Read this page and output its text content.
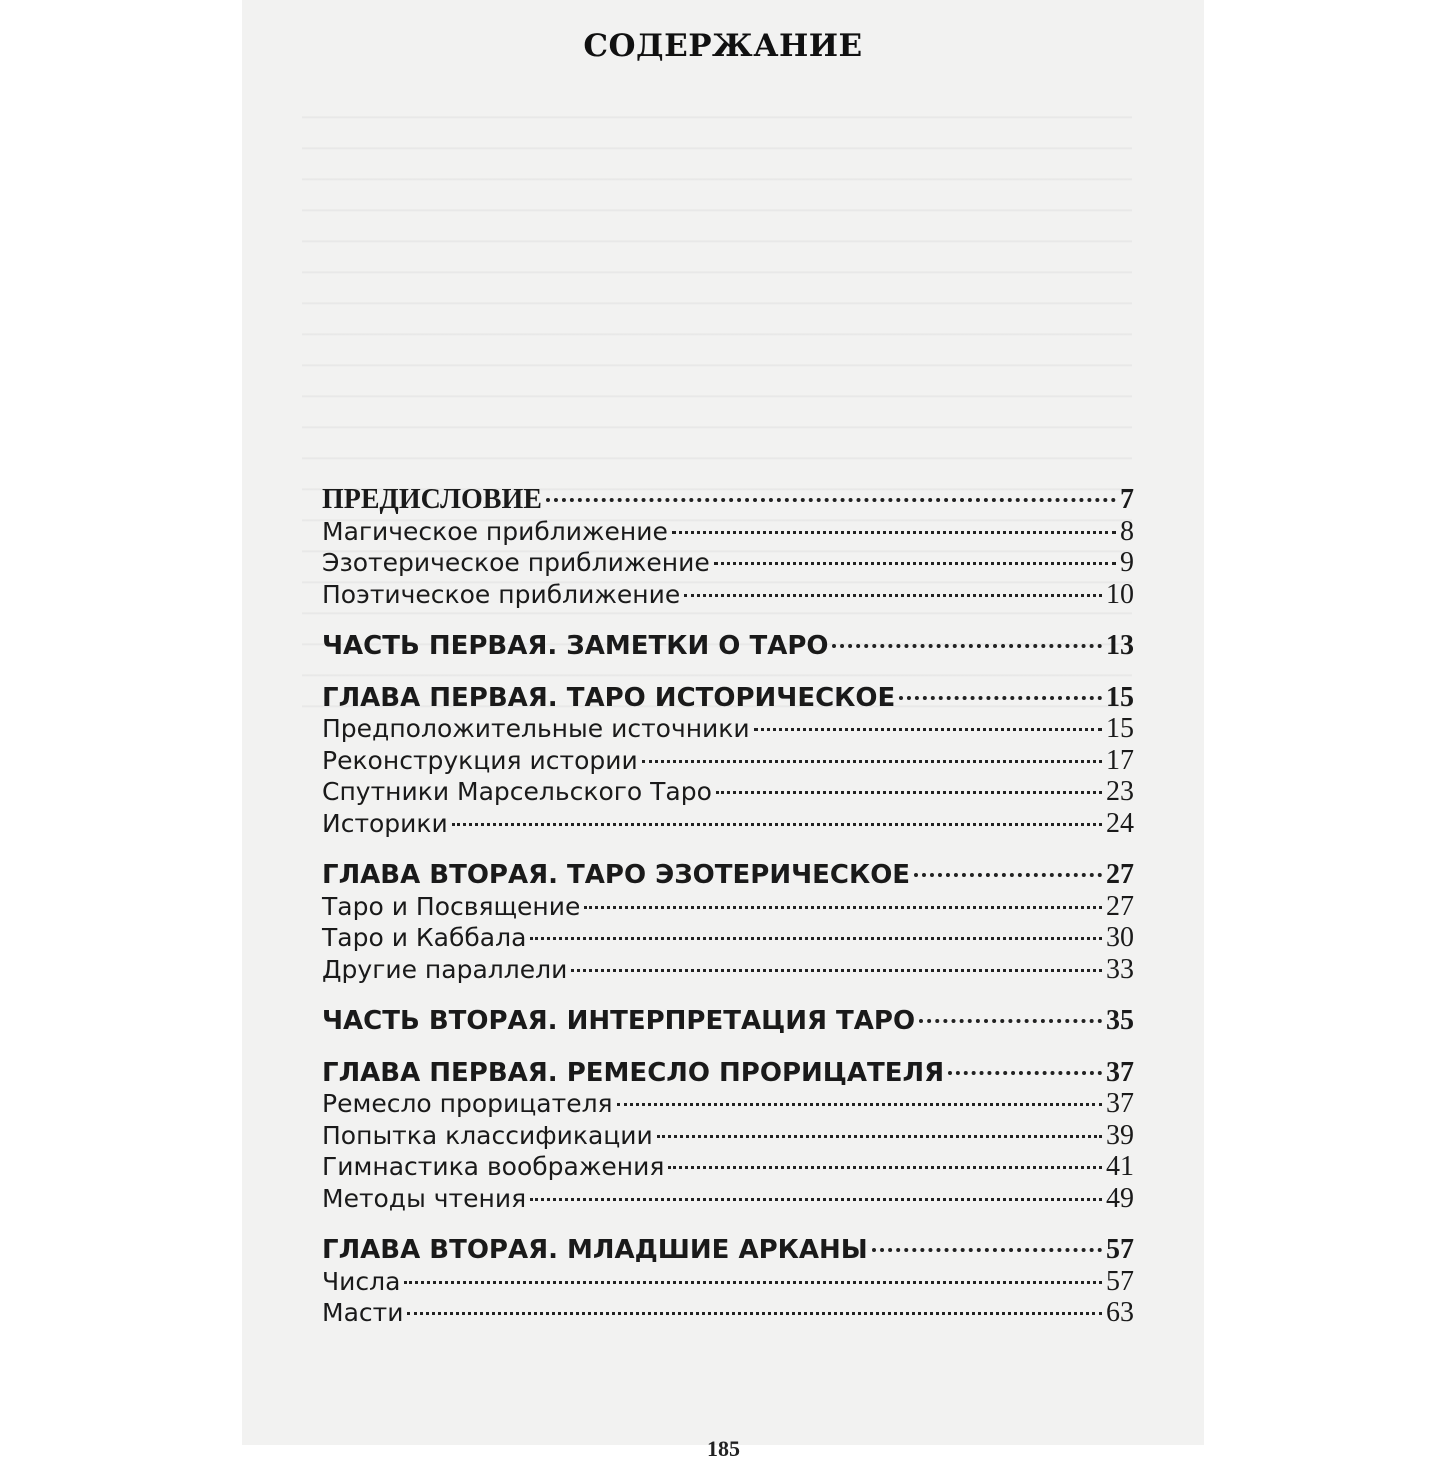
СОДЕРЖАНИЕ
ПРЕДИСЛОВИЕ	7
Магическое приближение	8
Эзотерическое приближение	9
Поэтическое приближение	10
ЧАСТЬ ПЕРВАЯ. ЗАМЕТКИ О ТАРО	13
ГЛАВА ПЕРВАЯ. ТАРО ИСТОРИЧЕСКОЕ	15
Предположительные источники	15
Реконструкция истории	17
Спутники Марсельского Таро	23
Историки	24
ГЛАВА ВТОРАЯ. ТАРО ЭЗОТЕРИЧЕСКОЕ	27
Таро и Посвящение	27
Таро и Каббала	30
Другие параллели	33
ЧАСТЬ ВТОРАЯ. ИНТЕРПРЕТАЦИЯ ТАРО	35
ГЛАВА ПЕРВАЯ. РЕМЕСЛО ПРОРИЦАТЕЛЯ	37
Ремесло прорицателя	37
Попытка классификации	39
Гимнастика воображения	41
Методы чтения	49
ГЛАВА ВТОРАЯ. МЛАДШИЕ АРКАНЫ	57
Числа	57
Масти	63
185
